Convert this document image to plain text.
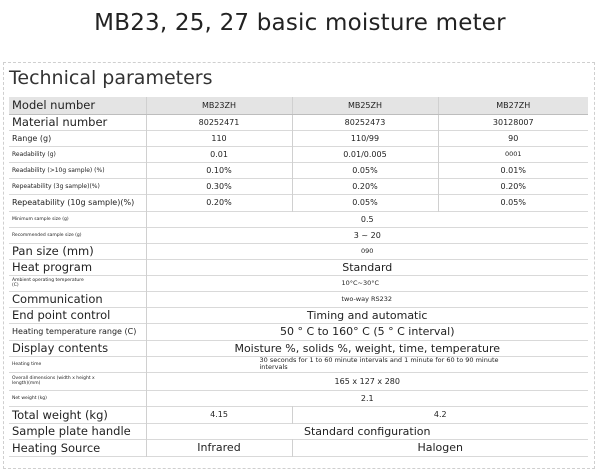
MB23, 25, 27 basic moisture meter
Technical parameters
Model number	MB23ZH	MB25ZH	MB27ZH
Material number	80252471	80252473	30128007
Range (g)	110	110/99	90
Readability (g)	0.01	0.01/0.005	0001
Readability (>10g sample) (%)	0.10%	0.05%	0.01%
Repeatability (3g sample)(%)	0.30%	0.20%	0.20%
Repeatability (10g sample)(%)	0.20%	0.05%	0.05%
Minimum sample size (g)	0.5		
Recommended sample size (g)	3 ~ 20		
Pan size (mm)	090		
Heat program	Standard		

Ambient operating temperature
(C)	10°C~30°C		
Communication	two-way RS232		
End point control	Timing and automatic		
Heating temperature range (C)	50 ° C to 160° C (5 ° C interval)		
Display contents	Moisture %, solids %, weight, time, temperature		
Heating time	30 seconds for 1 to 60 minute intervals and 1 minute for 60 to 90 minute
intervals		

Overall dimensions (width x height x
length)(mm)	165 x 127 x 280		
Net weight (kg)	2.1		
Total weight (kg)	4.15	4.2	
Sample plate handle	Standard configuration		
Heating Source	Infrared	Halogen	
